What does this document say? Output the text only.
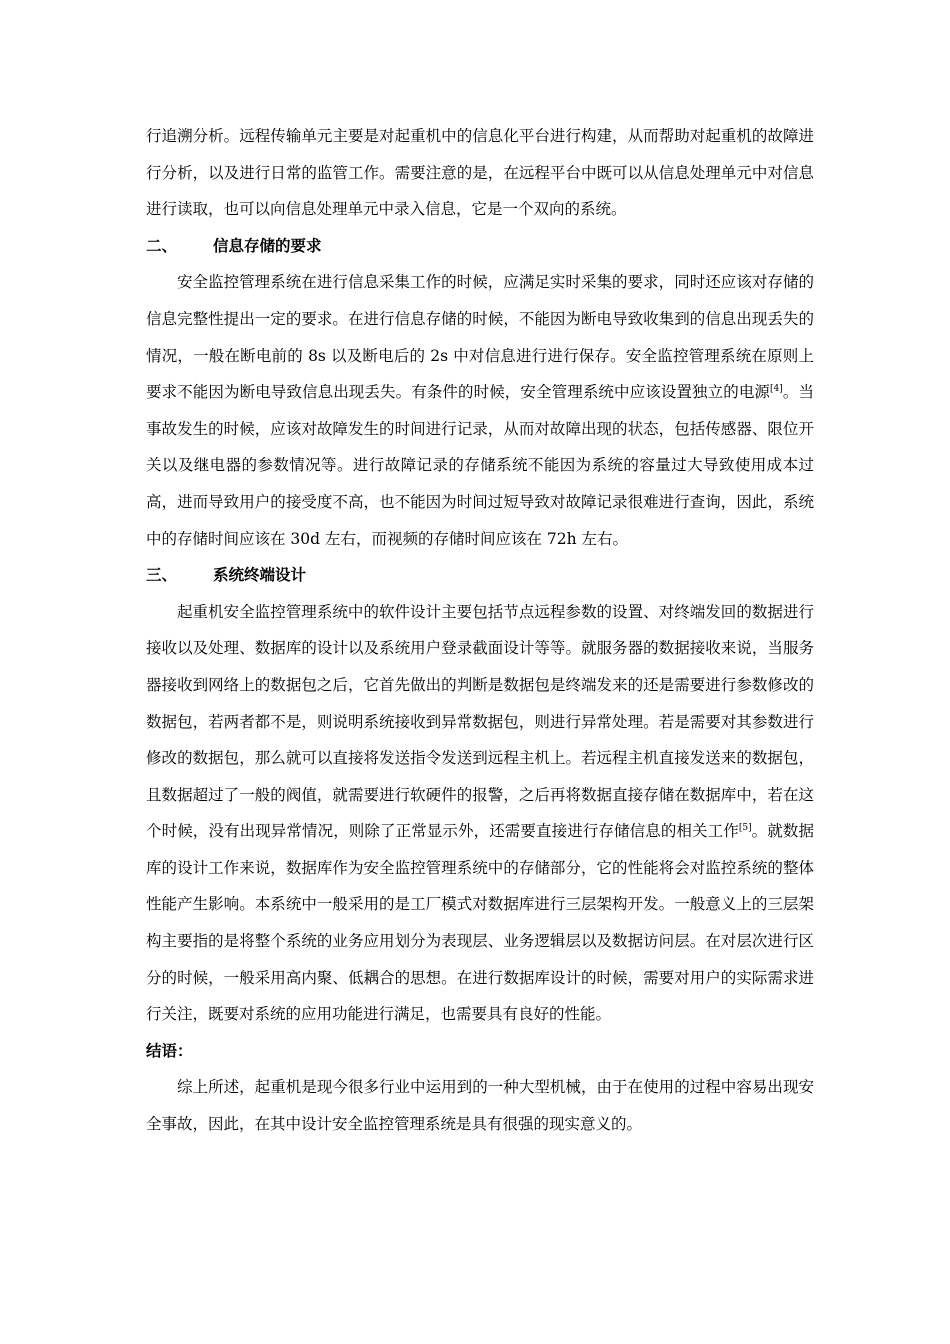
行追溯分析。远程传输单元主要是对起重机中的信息化平台进行构建，从而帮助对起重机的故障进行分析，以及进行日常的监管工作。需要注意的是，在远程平台中既可以从信息处理单元中对信息进行读取，也可以向信息处理单元中录入信息，它是一个双向的系统。

二、	信息存储的要求

安全监控管理系统在进行信息采集工作的时候，应满足实时采集的要求，同时还应该对存储的信息完整性提出一定的要求。在进行信息存储的时候，不能因为断电导致收集到的信息出现丢失的情况，一般在断电前的 8s 以及断电后的 2s 中对信息进行进行保存。安全监控管理系统在原则上要求不能因为断电导致信息出现丢失。有条件的时候，安全管理系统中应该设置独立的电源[4]。当事故发生的时候，应该对故障发生的时间进行记录，从而对故障出现的状态，包括传感器、限位开关以及继电器的参数情况等。进行故障记录的存储系统不能因为系统的容量过大导致使用成本过高，进而导致用户的接受度不高，也不能因为时间过短导致对故障记录很难进行查询，因此，系统中的存储时间应该在 30d 左右，而视频的存储时间应该在 72h 左右。

三、	系统终端设计

起重机安全监控管理系统中的软件设计主要包括节点远程参数的设置、对终端发回的数据进行接收以及处理、数据库的设计以及系统用户登录截面设计等等。就服务器的数据接收来说，当服务器接收到网络上的数据包之后，它首先做出的判断是数据包是终端发来的还是需要进行参数修改的数据包，若两者都不是，则说明系统接收到异常数据包，则进行异常处理。若是需要对其参数进行修改的数据包，那么就可以直接将发送指令发送到远程主机上。若远程主机直接发送来的数据包，且数据超过了一般的阀值，就需要进行软硬件的报警，之后再将数据直接存储在数据库中，若在这个时候，没有出现异常情况，则除了正常显示外，还需要直接进行存储信息的相关工作[5]。就数据库的设计工作来说，数据库作为安全监控管理系统中的存储部分，它的性能将会对监控系统的整体性能产生影响。本系统中一般采用的是工厂模式对数据库进行三层架构开发。一般意义上的三层架构主要指的是将整个系统的业务应用划分为表现层、业务逻辑层以及数据访问层。在对层次进行区分的时候，一般采用高内聚、低耦合的思想。在进行数据库设计的时候，需要对用户的实际需求进行关注，既要对系统的应用功能进行满足，也需要具有良好的性能。

结语：

综上所述，起重机是现今很多行业中运用到的一种大型机械，由于在使用的过程中容易出现安全事故，因此，在其中设计安全监控管理系统是具有很强的现实意义的。
